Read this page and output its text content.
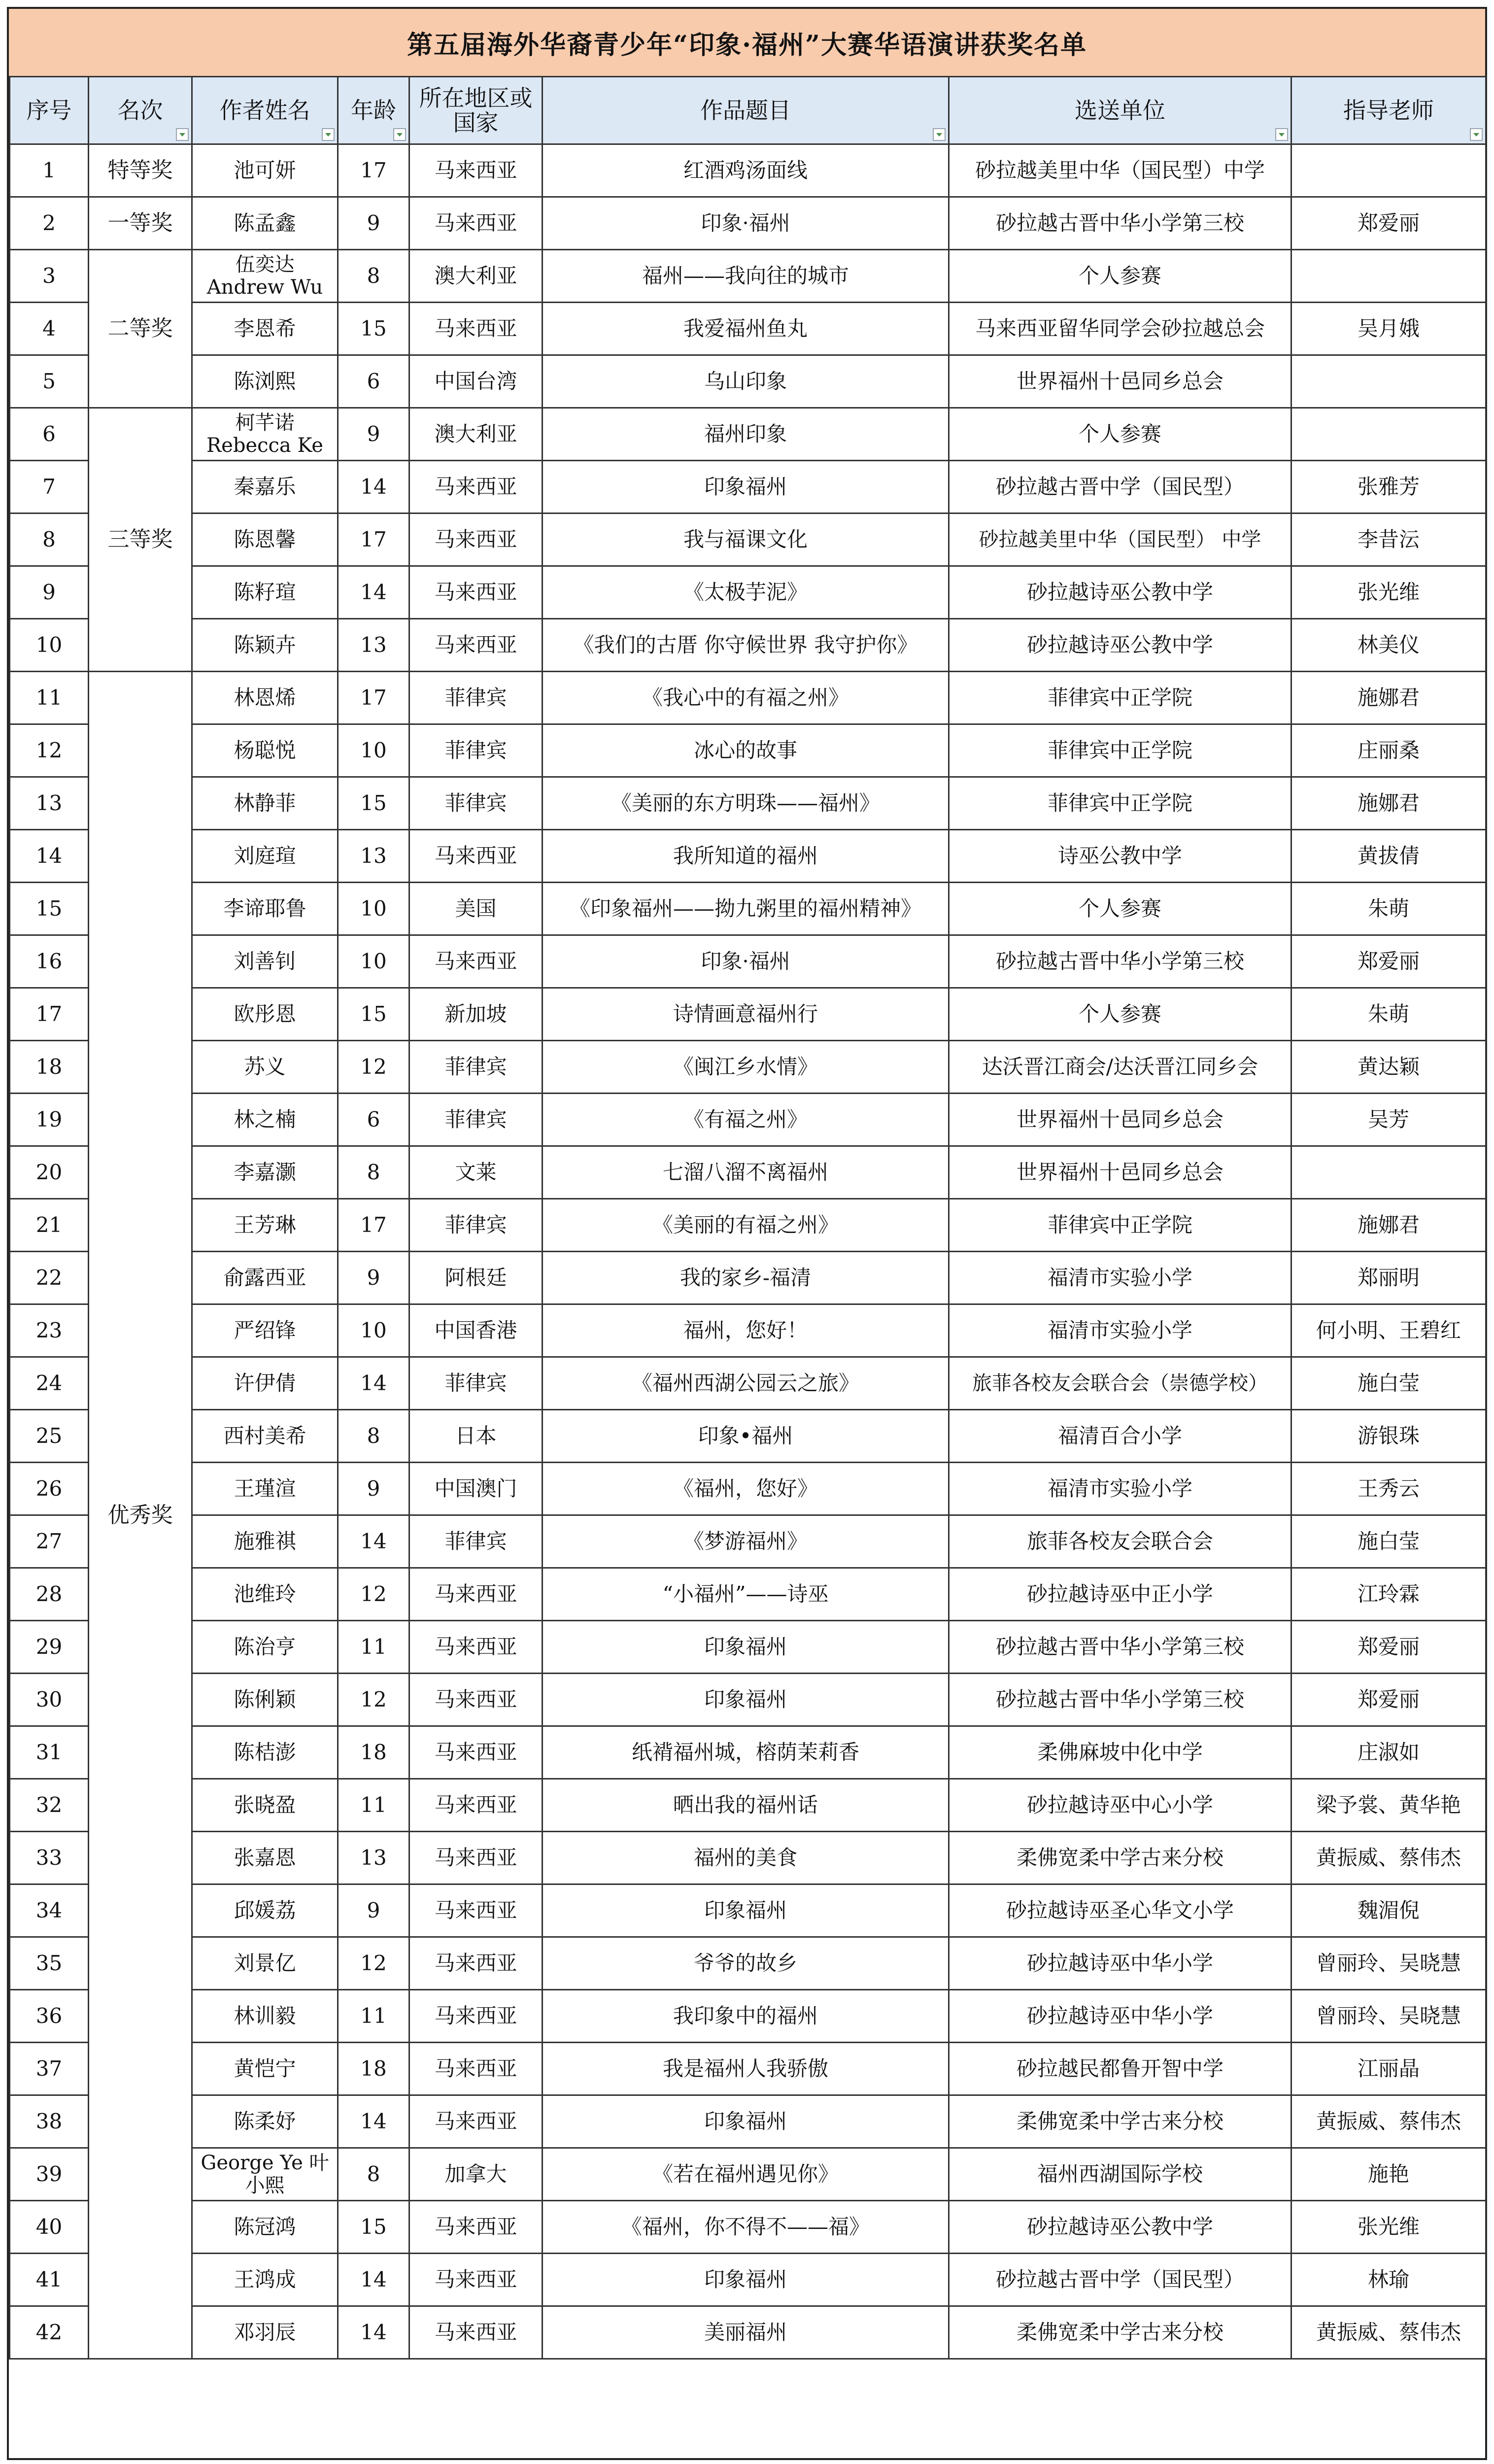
第五届海外华裔青少年“印象·福州”大赛华语演讲获奖名单
序号	名次	作者姓名	年龄	所在地区或国家	作品题目	选送单位	指导老师

1	特等奖	池可妍	17	马来西亚	红酒鸡汤面线	砂拉越美里中华（国民型）中学	
2	一等奖	陈孟鑫	9	马来西亚	印象·福州	砂拉越古晋中华小学第三校	郑爱丽
3	二等奖	伍奕达 Andrew Wu	8	澳大利亚	福州——我向往的城市	个人参赛	
4		李恩希	15	马来西亚	我爱福州鱼丸	马来西亚留华同学会砂拉越总会	吴月娥
5		陈浏熙	6	中国台湾	乌山印象	世界福州十邑同乡总会	
6	三等奖	柯芊诺 Rebecca Ke	9	澳大利亚	福州印象	个人参赛	
7		秦嘉乐	14	马来西亚	印象福州	砂拉越古晋中学（国民型）	张雅芳
8		陈恩馨	17	马来西亚	我与福课文化	砂拉越美里中华（国民型） 中学	李昔沄
9		陈籽瑄	14	马来西亚	《太极芋泥》	砂拉越诗巫公教中学	张光维
10		陈颖卉	13	马来西亚	《我们的古厝 你守候世界 我守护你》	砂拉越诗巫公教中学	林美仪
11	优秀奖	林恩烯	17	菲律宾	《我心中的有福之州》	菲律宾中正学院	施娜君
12		杨聪悦	10	菲律宾	冰心的故事	菲律宾中正学院	庄丽桑
13		林静菲	15	菲律宾	《美丽的东方明珠——福州》	菲律宾中正学院	施娜君
14		刘庭瑄	13	马来西亚	我所知道的福州	诗巫公教中学	黄拔倩
15		李谛耶鲁	10	美国	《印象福州——拗九粥里的福州精神》	个人参赛	朱萌
16		刘善钊	10	马来西亚	印象·福州	砂拉越古晋中华小学第三校	郑爱丽
17		欧彤恩	15	新加坡	诗情画意福州行	个人参赛	朱萌
18		苏义	12	菲律宾	《闽江乡水情》	达沃晋江商会/达沃晋江同乡会	黄达颖
19		林之楠	6	菲律宾	《有福之州》	世界福州十邑同乡总会	吴芳
20		李嘉灏	8	文莱	七溜八溜不离福州	世界福州十邑同乡总会	
21		王芳琳	17	菲律宾	《美丽的有福之州》	菲律宾中正学院	施娜君
22		俞露西亚	9	阿根廷	我的家乡-福清	福清市实验小学	郑丽明
23		严绍锋	10	中国香港	福州，您好！	福清市实验小学	何小明、王碧红
24		许伊倩	14	菲律宾	《福州西湖公园云之旅》	旅菲各校友会联合会（崇德学校）	施白莹
25		西村美希	8	日本	印象•福州	福清百合小学	游银珠
26		王瑾渲	9	中国澳门	《福州，您好》	福清市实验小学	王秀云
27		施雅祺	14	菲律宾	《梦游福州》	旅菲各校友会联合会	施白莹
28		池维玲	12	马来西亚	“小福州”——诗巫	砂拉越诗巫中正小学	江玲霖
29		陈治亨	11	马来西亚	印象福州	砂拉越古晋中华小学第三校	郑爱丽
30		陈俐颖	12	马来西亚	印象福州	砂拉越古晋中华小学第三校	郑爱丽
31		陈桔澎	18	马来西亚	纸褙福州城，榕荫茉莉香	柔佛麻坡中化中学	庄淑如
32		张晓盈	11	马来西亚	晒出我的福州话	砂拉越诗巫中心小学	梁予裳、黄华艳
33		张嘉恩	13	马来西亚	福州的美食	柔佛宽柔中学古来分校	黄振威、蔡伟杰
34		邱媛荔	9	马来西亚	印象福州	砂拉越诗巫圣心华文小学	魏湄倪
35		刘景亿	12	马来西亚	爷爷的故乡	砂拉越诗巫中华小学	曾丽玲、吴晓慧
36		林训毅	11	马来西亚	我印象中的福州	砂拉越诗巫中华小学	曾丽玲、吴晓慧
37		黄恺宁	18	马来西亚	我是福州人我骄傲	砂拉越民都鲁开智中学	江丽晶
38		陈柔妤	14	马来西亚	印象福州	柔佛宽柔中学古来分校	黄振威、蔡伟杰
39		George Ye 叶小熙	8	加拿大	《若在福州遇见你》	福州西湖国际学校	施艳
40		陈冠鸿	15	马来西亚	《福州，你不得不——福》	砂拉越诗巫公教中学	张光维
41		王鸿成	14	马来西亚	印象福州	砂拉越古晋中学（国民型）	林瑜
42		邓羽辰	14	马来西亚	美丽福州	柔佛宽柔中学古来分校	黄振威、蔡伟杰
